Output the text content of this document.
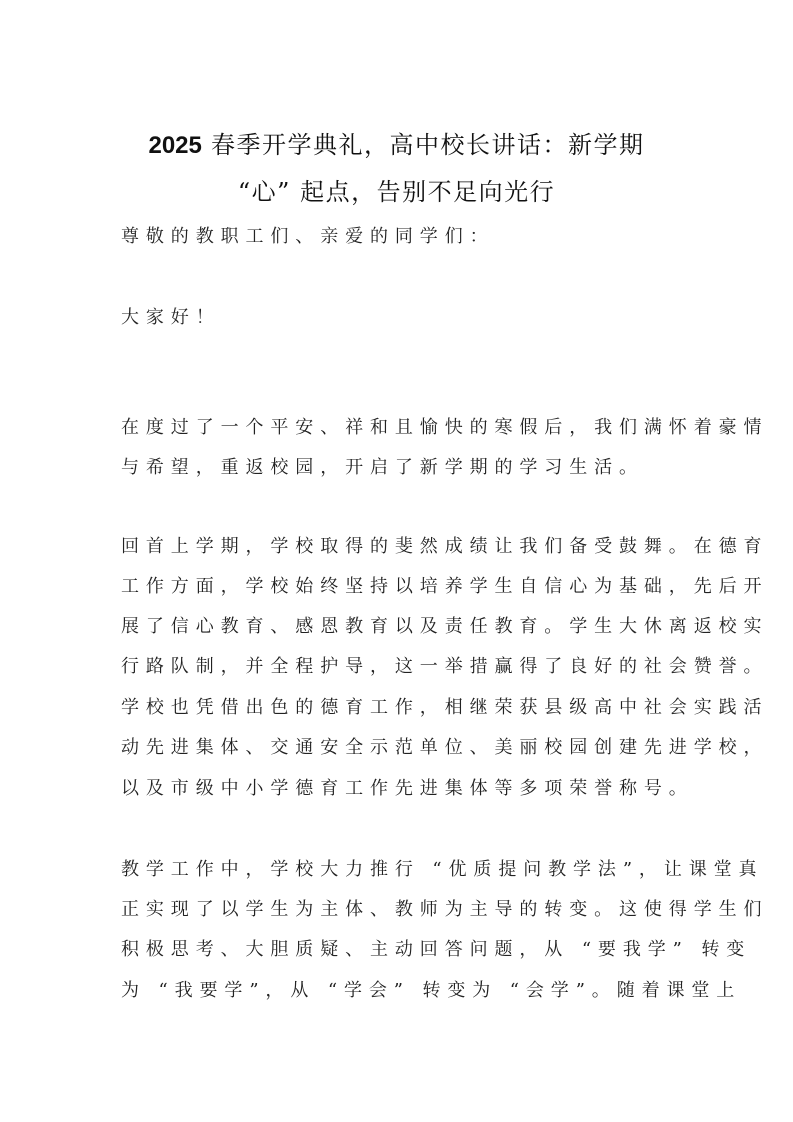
2025 春季开学典礼，高中校长讲话：新学期
“心” 起点，告别不足向光行
尊敬的教职工们、亲爱的同学们：
大家好！
在度过了一个平安、祥和且愉快的寒假后，我们满怀着豪情
与希望，重返校园，开启了新学期的学习生活。
回首上学期，学校取得的斐然成绩让我们备受鼓舞。在德育
工作方面，学校始终坚持以培养学生自信心为基础，先后开
展了信心教育、感恩教育以及责任教育。学生大休离返校实
行路队制，并全程护导，这一举措赢得了良好的社会赞誉。
学校也凭借出色的德育工作，相继荣获县级高中社会实践活
动先进集体、交通安全示范单位、美丽校园创建先进学校，
以及市级中小学德育工作先进集体等多项荣誉称号。
教学工作中，学校大力推行 “优质提问教学法”，让课堂真
正实现了以学生为主体、教师为主导的转变。这使得学生们
积极思考、大胆质疑、主动回答问题，从 “要我学” 转变
为 “我要学”，从 “学会” 转变为 “会学”。随着课堂上
